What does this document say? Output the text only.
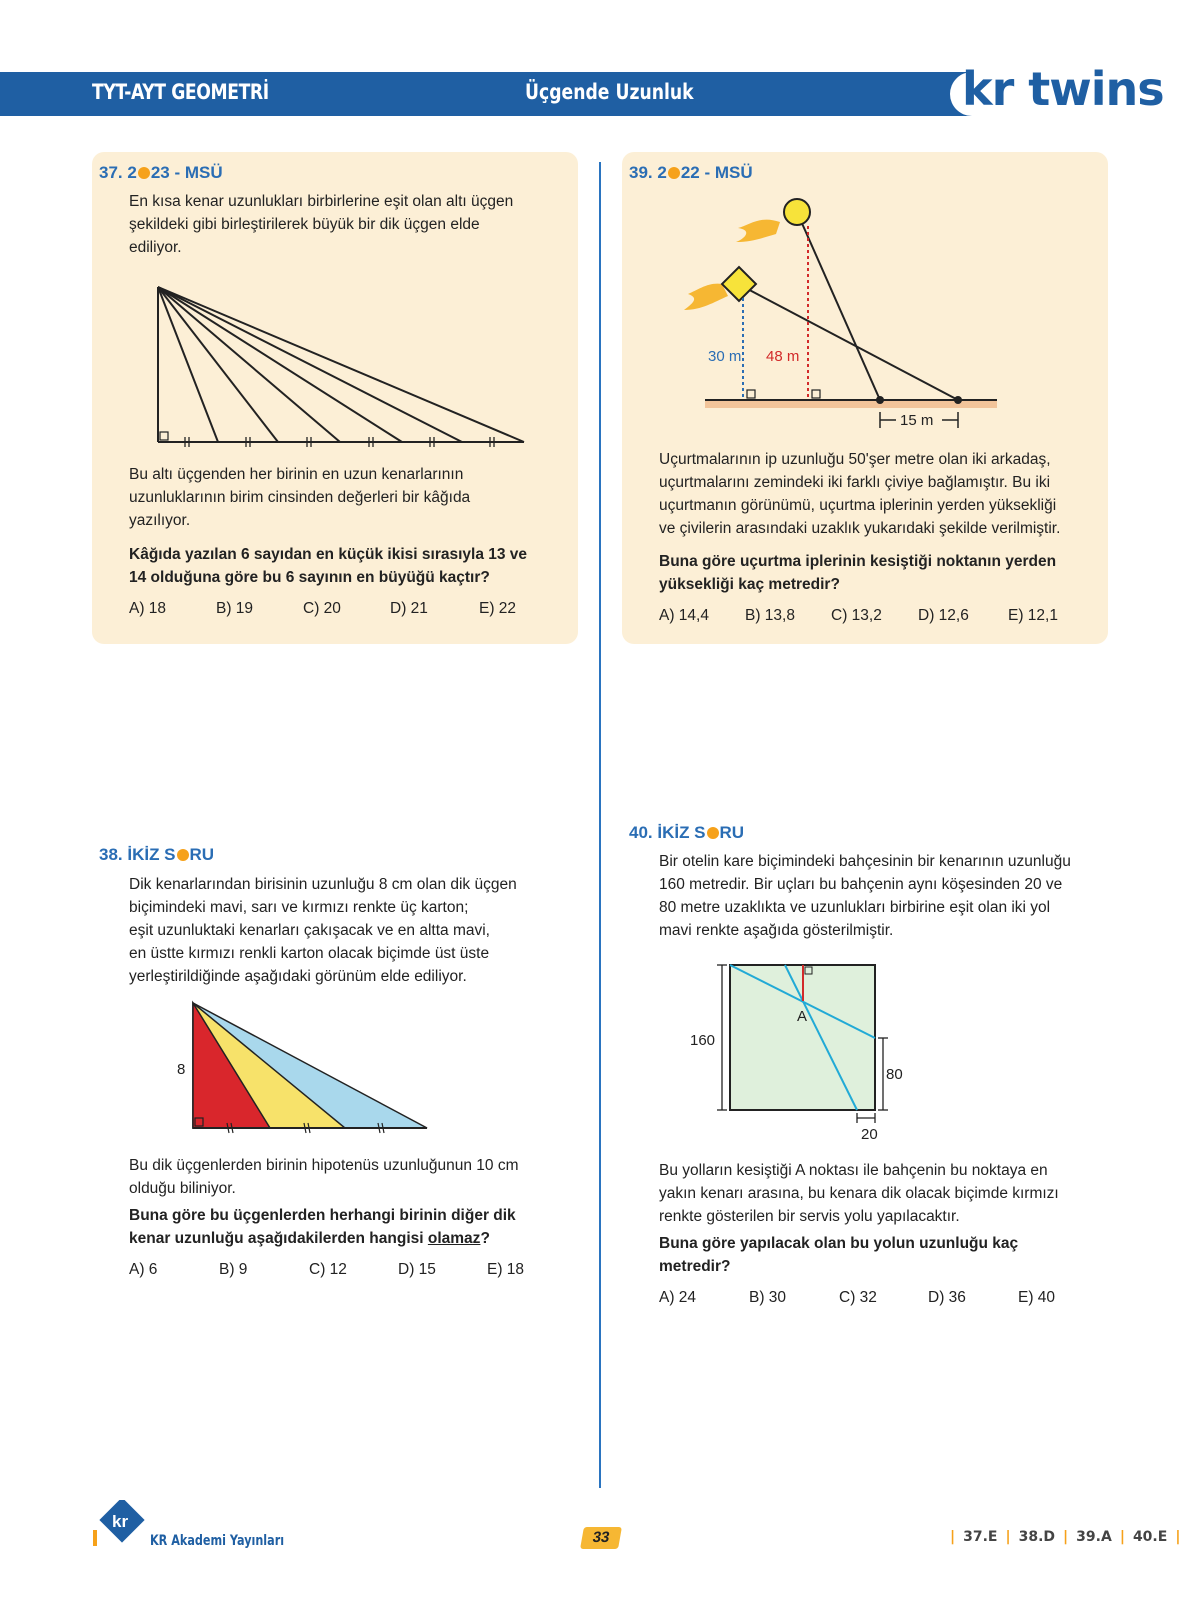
TYT-AYT GEOMETRİ	Üçgende Uzunluk	kr twins
37. 2 23 - MSÜ
En kısa kenar uzunlukları birbirlerine eşit olan altı üçgen
şekildeki gibi birleştirilerek büyük bir dik üçgen elde
ediliyor.
Bu altı üçgenden her birinin en uzun kenarlarının
uzunluklarının birim cinsinden değerleri bir kâğıda
yazılıyor.
Kâğıda yazılan 6 sayıdan en küçük ikisi sırasıyla 13 ve
14 olduğuna göre bu 6 sayının en büyüğü kaçtır?
A) 18	B) 19	C) 20	D) 21	E) 22
39. 2 22 - MSÜ
30 m 48 m
15 m
Uçurtmalarının ip uzunluğu 50'şer metre olan iki arkadaş,
uçurtmalarını zemindeki iki farklı çiviye bağlamıştır. Bu iki
uçurtmanın görünümü, uçurtma iplerinin yerden yüksekliği
ve çivilerin arasındaki uzaklık yukarıdaki şekilde verilmiştir.
Buna göre uçurtma iplerinin kesiştiği noktanın yerden
yüksekliği kaç metredir?
A) 14,4	B) 13,8	C) 13,2	D) 12,6	E) 12,1
38. İKİZ S RU
Dik kenarlarından birisinin uzunluğu 8 cm olan dik üçgen
biçimindeki mavi, sarı ve kırmızı renkte üç karton;
eşit uzunluktaki kenarları çakışacak ve en altta mavi,
en üstte kırmızı renkli karton olacak biçimde üst üste
yerleştirildiğinde aşağıdaki görünüm elde ediliyor.
8
Bu dik üçgenlerden birinin hipotenüs uzunluğunun 10 cm
olduğu biliniyor.
Buna göre bu üçgenlerden herhangi birinin diğer dik
kenar uzunluğu aşağıdakilerden hangisi olamaz?
A) 6	B) 9	C) 12	D) 15	E) 18
40. İKİZ S RU
Bir otelin kare biçimindeki bahçesinin bir kenarının uzunluğu
160 metredir. Bir uçları bu bahçenin aynı köşesinden 20 ve
80 metre uzaklıkta ve uzunlukları birbirine eşit olan iki yol
mavi renkte aşağıda gösterilmiştir.
A
160
80
20
Bu yolların kesiştiği A noktası ile bahçenin bu noktaya en
yakın kenarı arasına, bu kenara dik olacak biçimde kırmızı
renkte gösterilen bir servis yolu yapılacaktır.
Buna göre yapılacak olan bu yolun uzunluğu kaç
metredir?
A) 24	B) 30	C) 32	D) 36	E) 40
kr
KR Akademi Yayınları	33	| 37.E | 38.D | 39.A | 40.E |
